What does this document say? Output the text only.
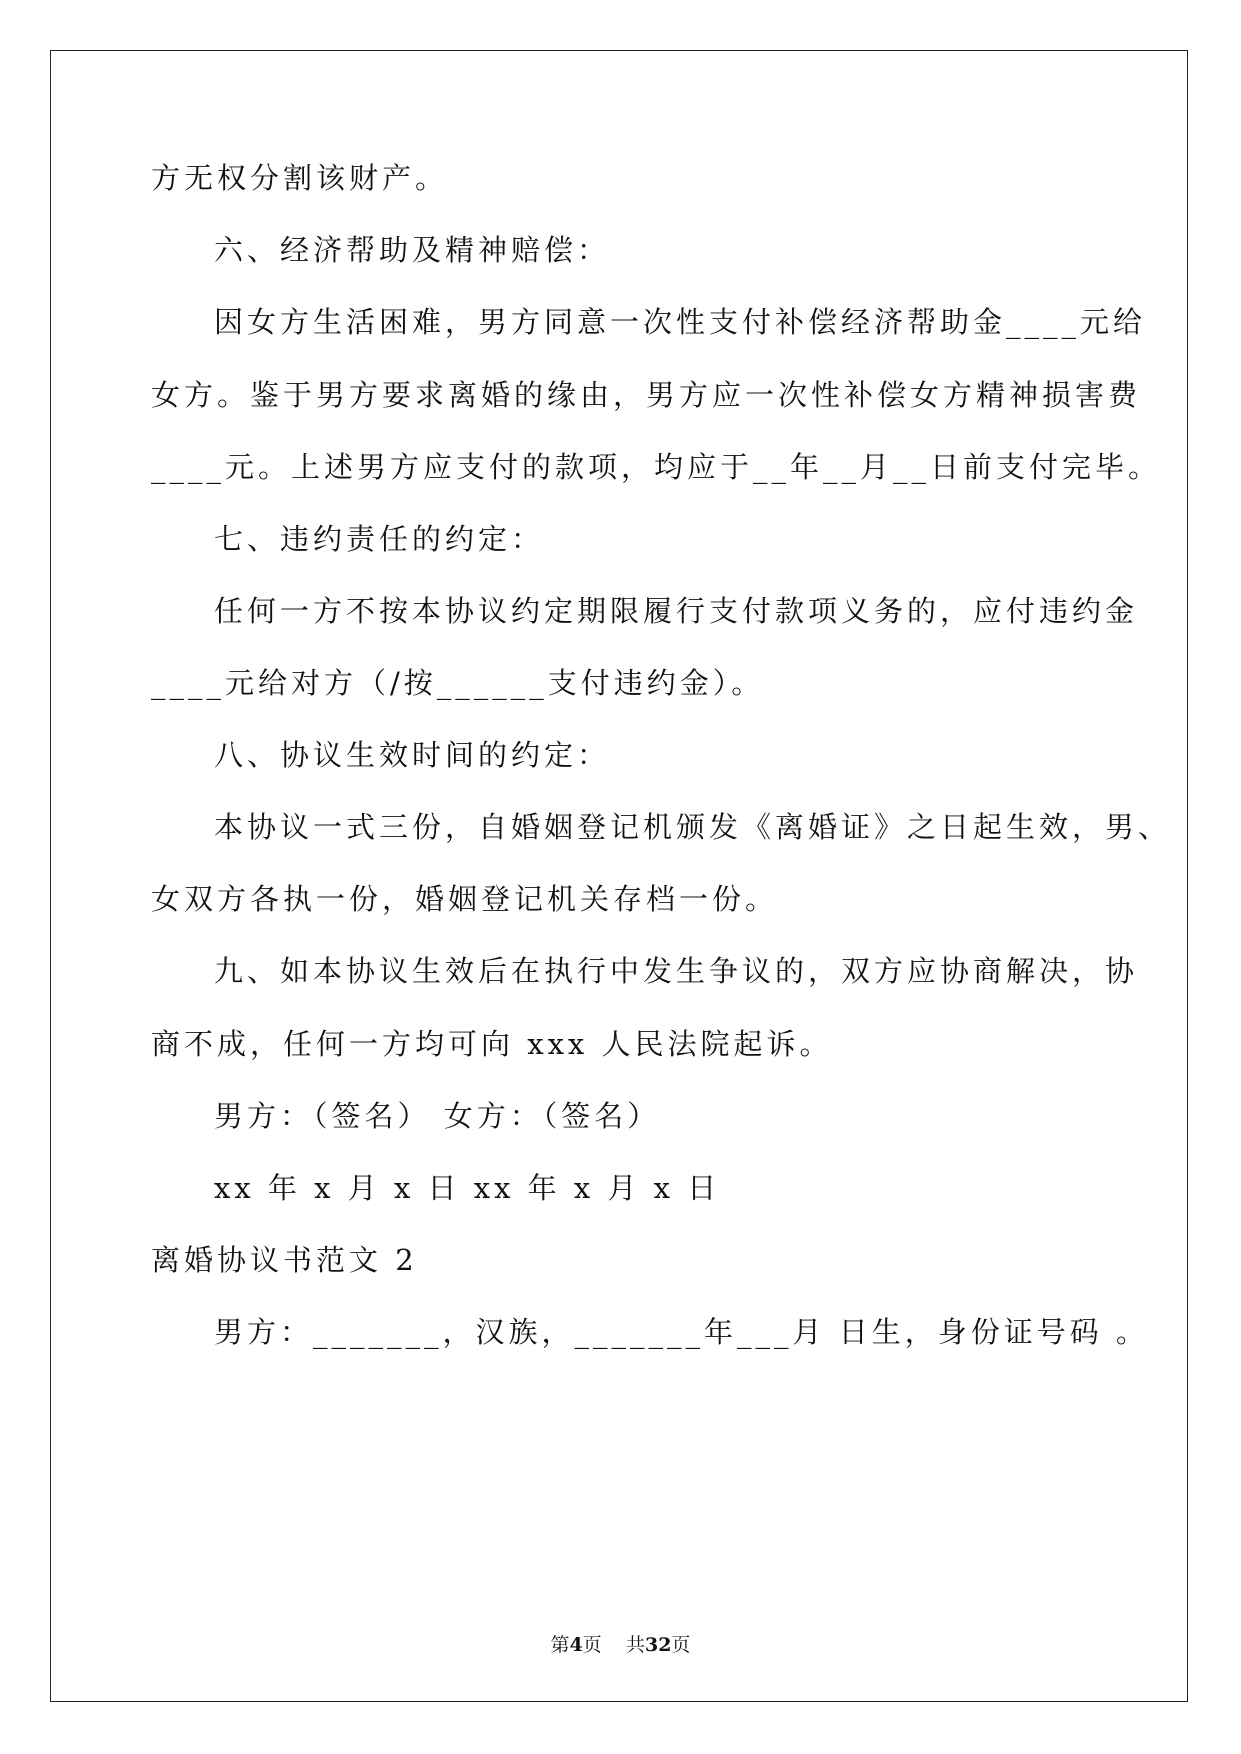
方无权分割该财产。
六、经济帮助及精神赔偿：
因女方生活困难，男方同意一次性支付补偿经济帮助金____元给
女方。鉴于男方要求离婚的缘由，男方应一次性补偿女方精神损害费
____元。上述男方应支付的款项，均应于__年__月__日前支付完毕。
七、违约责任的约定：
任何一方不按本协议约定期限履行支付款项义务的，应付违约金
____元给对方（/按______支付违约金）。
八、协议生效时间的约定：
本协议一式三份，自婚姻登记机颁发《离婚证》之日起生效，男、
女双方各执一份，婚姻登记机关存档一份。
九、如本协议生效后在执行中发生争议的，双方应协商解决，协
商不成，任何一方均可向 xxx 人民法院起诉。
男方：（签名） 女方：（签名）
xx 年 x 月 x 日 xx 年 x 月 x 日
离婚协议书范文 2
男方：_______，汉族，_______年___月 日生，身份证号码 。
第4页    共32页
